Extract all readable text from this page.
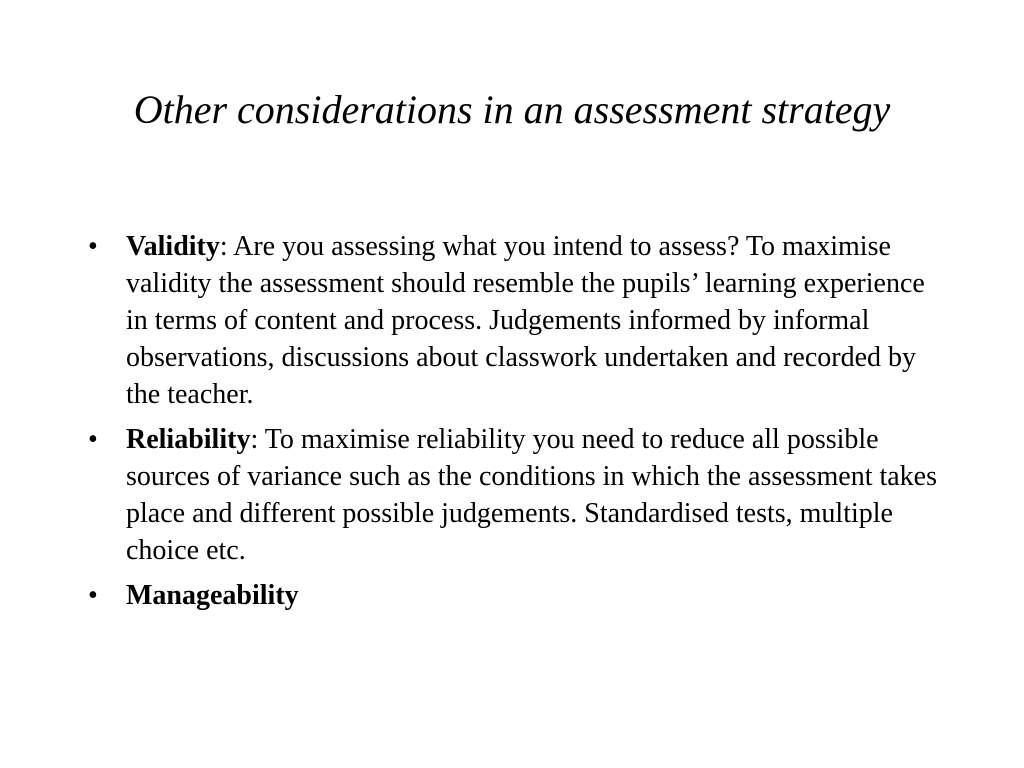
Other considerations in an assessment strategy
•	Validity: Are you assessing what you intend to assess? To maximise validity the assessment should resemble the pupils’ learning experience in terms of content and process. Judgements informed by informal observations, discussions about classwork undertaken and recorded by the teacher.
•	Reliability: To maximise reliability you need to reduce all possible sources of variance such as the conditions in which the assessment takes place and different possible judgements. Standardised tests, multiple choice etc.
•	Manageability
